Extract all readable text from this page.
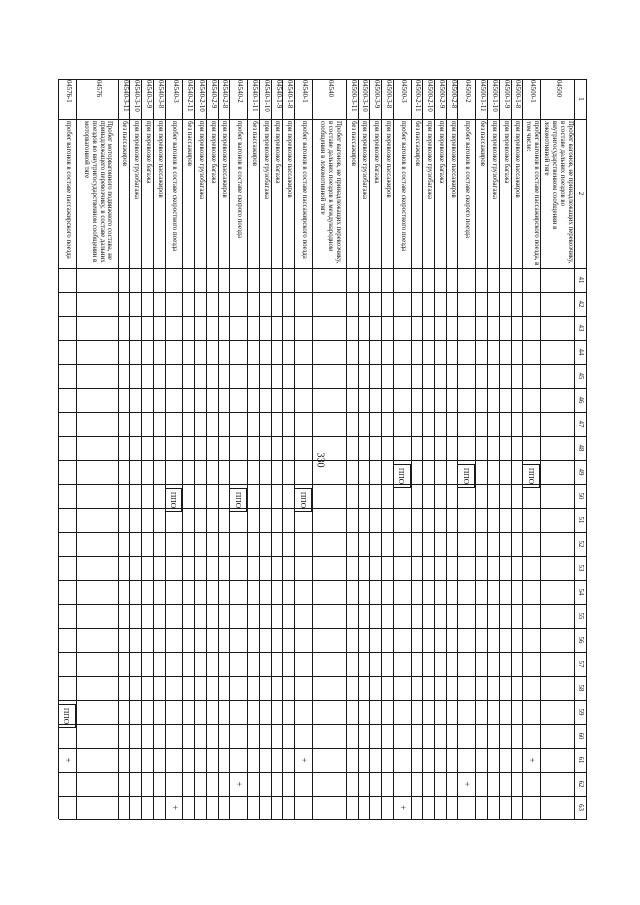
330
1
2
41
42
43
44
45
46
47
48
49
50
51
52
53
54
55
56
57
58
59
60
61
62
63
04500
Пробег вагонов, не принадлежащих перевозчику, в составе дальних поездов во внутригосударственном сообщении в локомотивной тяге
04500-1
пробег вагонов в составе пассажирского поезда, в том числе:
ППО
+
04500-1-8
при перевозке пассажиров
04500-1-9
при перевозке багажа
04500-1-10
при перевозке грузобагажа
04500-1-11
без пассажиров
04500-2
пробег вагонов в составе скорого поезда
ППО
+
04500-2-8
при перевозке пассажиров
04500-2-9
при перевозке багажа
04500-2-10
при перевозке грузобагажа
04500-2-11
без пассажиров
04500-3
пробег вагонов в составе скоростного поезда
ППО
+
04500-3-8
при перевозке пассажиров
04500-3-9
при перевозке багажа
04500-3-10
при перевозке грузобагажа
04500-3-11
без пассажиров
04540
Пробег вагонов, не принадлежащих перевозчику, в составе дальних поездов в международном сообщении в локомотивной тяге
04540-1
пробег вагонов в составе пассажирского поезда
ППО
+
04540-1-8
при перевозке пассажиров
04540-1-9
при перевозке багажа
04540-1-10
при перевозке грузобагажа
04540-1-11
без пассажиров
04540-2
пробег вагонов в составе скорого поезда
ППО
+
04540-2-8
при перевозке пассажиров
04540-2-9
при перевозке багажа
04540-2-10
при перевозке грузобагажа
04540-2-11
без пассажиров
04540-3
пробег вагонов в составе скоростного поезда
ППО
+
04540-3-8
при перевозке пассажиров
04540-3-9
при перевозке багажа
04540-3-10
при перевозке грузобагажа
04540-3-11
без пассажиров
04576
Пробег моторвагонного подвижного состава, не принадлежащего перевозчику, в составе дальних поездов во внутригосударственном сообщении в моторвагонной тяге
04576-1
пробег вагонов в составе пассажирского поезда
ППО
+
